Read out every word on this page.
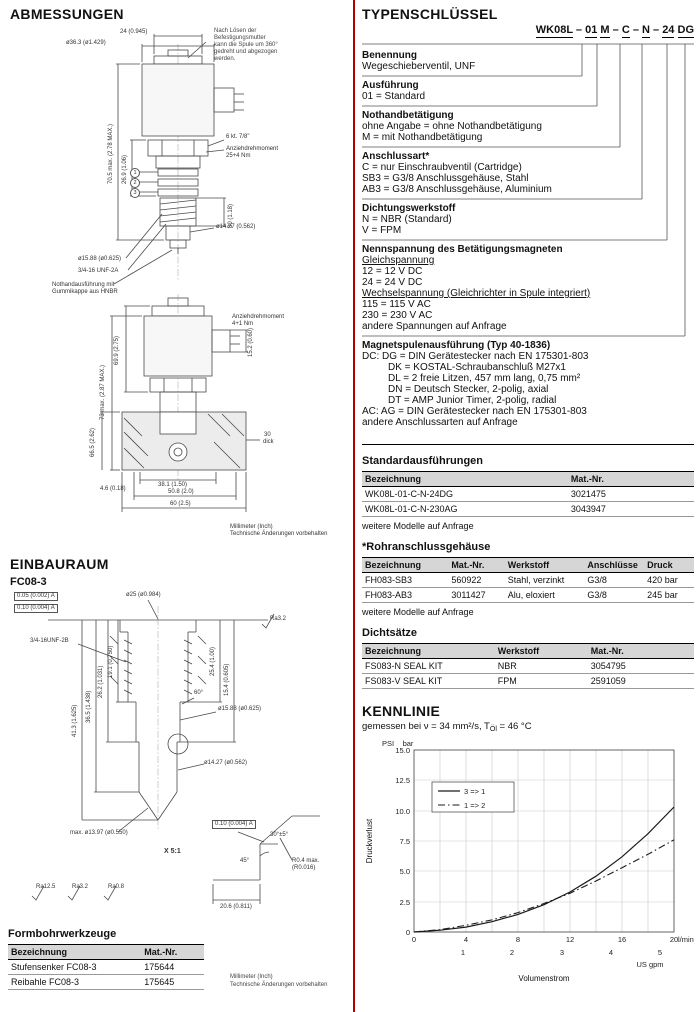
ABMESSUNGEN
Nach Lösen der
Befestigungsmutter
kann die Spule um 360°
gedreht und abgezogen
werden.
ø36.3 (ø1.429)
24 (0.945)
70.5 max. (2.78 MAX.) 26.9 (1.06)
6 kt. 7/8"
Anziehdrehmoment
25+4 Nm
1
2
3
ø14.27 (0.562)
ø15.88 (ø0.625)
3/4-16 UNF-2A
Nothandausführung mit
Gummikappe aus HNBR
30 (1.18)
Anziehdrehmoment
4+1 Nm
73 max. (2.87 MAX.)
69.9 (2.75)	15.2 (0.60)
66.5 (2.62)
38.1 (1.50)
4.6 (0.18)	50.8 (2.0)
60 (2.5)
30
dick
Millimeter (Inch)
Technische Änderungen vorbehalten
EINBAURAUM
FC08-3
0.05 (0.002) A
0.10 (0.004) A
ø25 (ø0.984)
3/4-16UNF-2B
ø15.88 (ø0.625)
Ra3.2
60°
41.3 (1.625) 36.5 (1.438)
26.2 (1.031)
19.1 (0.750)	25.4 (1.00)
15.4 (0.605)
ø14.27 (ø0.562)
max. ø13.97 (ø0.550)
X 5:1
0.10 (0.004) A
30°±5°
Ra12.5	Ra3.2	Ra0.8
R0.4 max.
(R0.016)
20.6 (0.811)
45°
Formbohrwerkzeuge
Bezeichnung	Mat.-Nr.
Stufensenker FC08-3	175644
Reibahle FC08-3	175645	Millimeter (Inch)
Technische Änderungen vorbehalten
TYPENSCHLÜSSEL
WK08L – 01 M – C – N – 24 DG
Benennung
Wegeschieberventil, UNF
Ausführung
01 = Standard
Nothandbetätigung
ohne Angabe = ohne Nothandbetätigung
M = mit Nothandbetätigung
Anschlussart*
C = nur Einschraubventil (Cartridge)
SB3 = G3/8 Anschlussgehäuse, Stahl
AB3 = G3/8 Anschlussgehäuse, Aluminium
Dichtungswerkstoff
N = NBR (Standard)
V = FPM
Nennspannung des Betätigungsmagneten
Gleichspannung
12 = 12 V DC
24 = 24 V DC
Wechselspannung (Gleichrichter in Spule integriert)
115 = 115 V AC
230 = 230 V AC
andere Spannungen auf Anfrage
Magnetspulenausführung (Typ 40-1836)
DC: DG = DIN Gerätestecker nach EN 175301-803
DK = KOSTAL-Schraubanschluß M27x1
DL = 2 freie Litzen, 457 mm lang, 0,75 mm²
DN = Deutsch Stecker, 2-polig, axial
DT = AMP Junior Timer, 2-polig, radial
AC: AG = DIN Gerätestecker nach EN 175301-803
andere Anschlussarten auf Anfrage
Standardausführungen
Bezeichnung	Mat.-Nr.
WK08L-01-C-N-24DG	3021475
WK08L-01-C-N-230AG	3043947
weitere Modelle auf Anfrage
*Rohranschlussgehäuse
Bezeichnung	Mat.-Nr.	Werkstoff	Anschlüsse	Druck
FH083-SB3	560922	Stahl, verzinkt	G3/8	420 bar
FH083-AB3	3011427	Alu, eloxiert	G3/8	245 bar
weitere Modelle auf Anfrage
Dichtsätze
Bezeichnung	Werkstoff	Mat.-Nr.
FS083-N SEAL KIT	NBR	3054795
FS083-V SEAL KIT	FPM	2591059
KENNLINIE
gemessen bei ν = 34 mm²/s, $T_{Öl} = 46$ °C
3 => 1
1 => 2
PSI bar
15.0
12.5
10.0
7.5
5.0
2.5
0
0	4	8	12	16	20 l/min
1	2	3	4	5
US gpm
Volumenstrom
Druckverlust
